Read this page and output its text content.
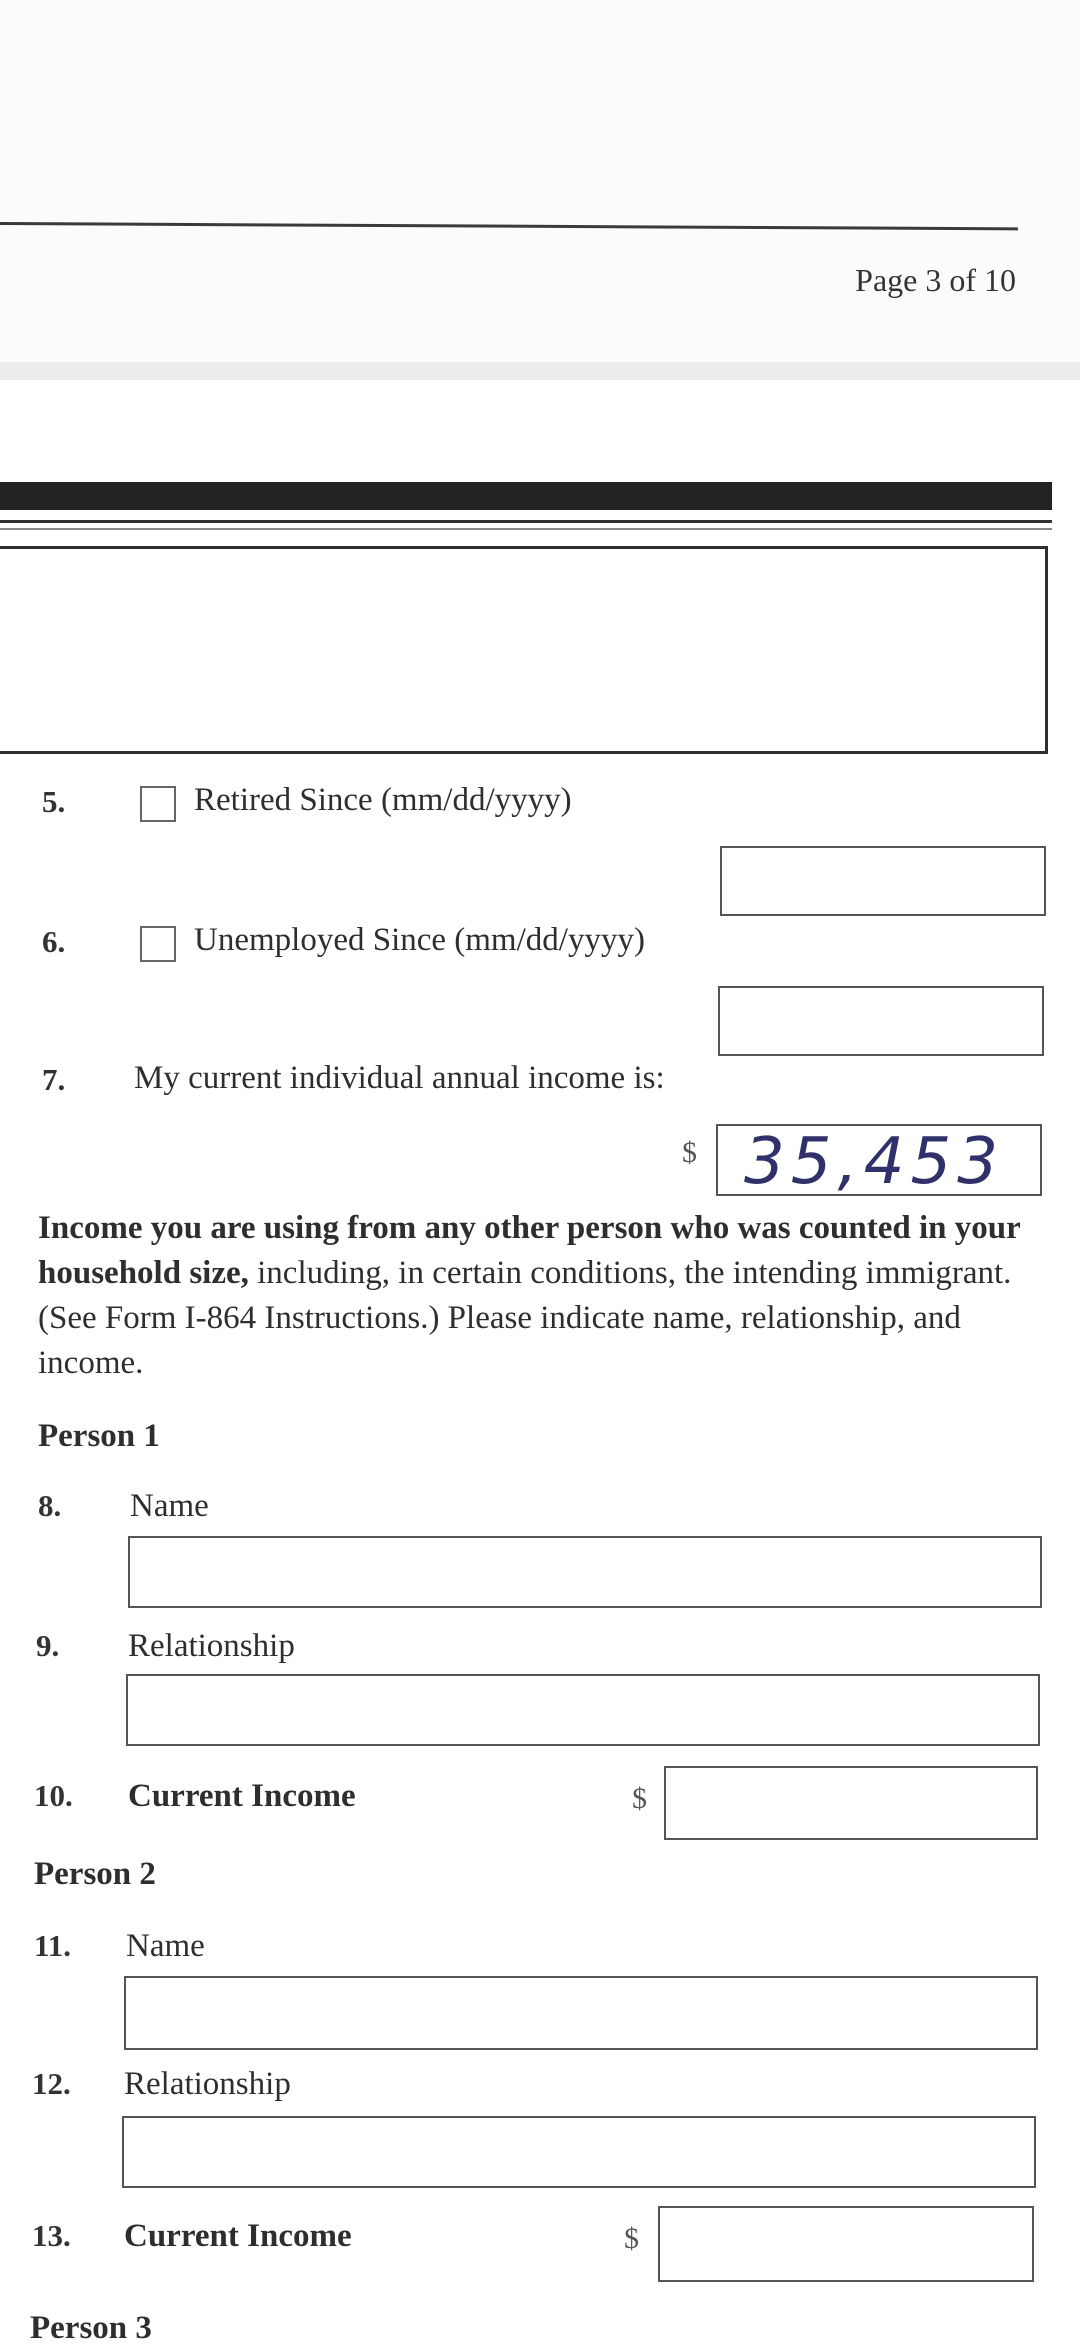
Page 3 of 10
5.	Retired Since (mm/dd/yyyy)
6.	Unemployed Since (mm/dd/yyyy)
7. My current individual annual income is:
$ 35,453
Income you are using from any other person who was counted in your household size, including, in certain conditions, the intending immigrant. (See Form I-864 Instructions.) Please indicate name, relationship, and income.
Person 1
8. Name
9. Relationship
10. Current Income	$
Person 2
11. Name
12. Relationship
13. Current Income	$
Person 3
